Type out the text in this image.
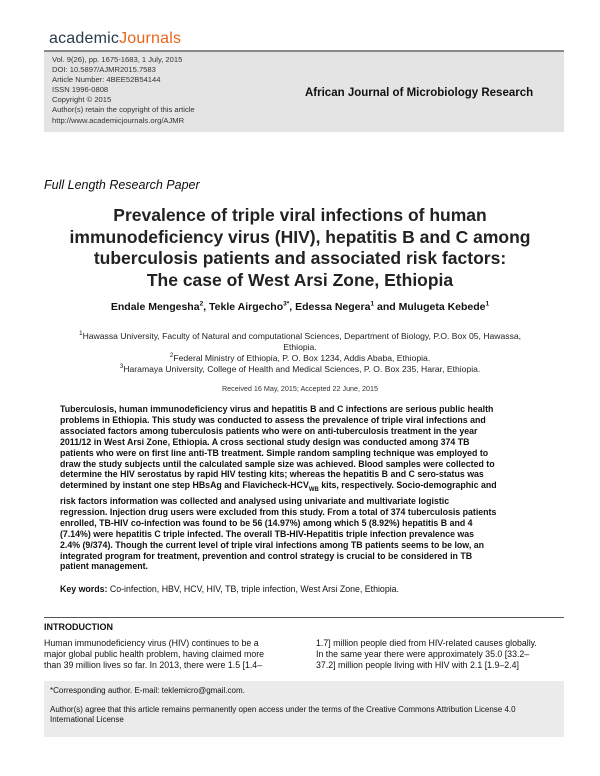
academicJournals
Vol. 9(26), pp. 1675-1683, 1 July, 2015
DOI: 10.5897/AJMR2015.7583
Article Number: 4BEE52B54144
ISSN 1996-0808
Copyright © 2015
Author(s) retain the copyright of this article
http://www.academicjournals.org/AJMR
African Journal of Microbiology Research
Full Length Research Paper
Prevalence of triple viral infections of human
immunodeficiency virus (HIV), hepatitis B and C among
tuberculosis patients and associated risk factors:
The case of West Arsi Zone, Ethiopia
Endale Mengesha$^2$, Tekle Airgecho$^{3*}$, Edessa Negera$^1$ and Mulugeta Kebede$^1$
$^1$Hawassa University, Faculty of Natural and computational Sciences, Department of Biology, P.O. Box 05, Hawassa,
Ethiopia.
$^2$Federal Ministry of Ethiopia, P. O. Box 1234, Addis Ababa, Ethiopia.
$^3$Haramaya University, College of Health and Medical Sciences, P. O. Box 235, Harar, Ethiopia.
Received 16 May, 2015; Accepted 22 June, 2015
Tuberculosis, human immunodeficiency virus and hepatitis B and C infections are serious public health
problems in Ethiopia. This study was conducted to assess the prevalence of triple viral infections and
associated factors among tuberculosis patients who were on anti-tuberculosis treatment in the year
2011/12 in West Arsi Zone, Ethiopia. A cross sectional study design was conducted among 374 TB
patients who were on first line anti-TB treatment. Simple random sampling technique was employed to
draw the study subjects until the calculated sample size was achieved. Blood samples were collected to
determine the HIV serostatus by rapid HIV testing kits; whereas the hepatitis B and C sero-status was
determined by instant one step HBsAg and Flavicheck-$HCV_{WB}$ kits, respectively. Socio-demographic and
risk factors information was collected and analysed using univariate and multivariate logistic
regression. Injection drug users were excluded from this study. From a total of 374 tuberculosis patients
enrolled, TB-HIV co-infection was found to be 56 (14.97%) among which 5 (8.92%) hepatitis B and 4
(7.14%) were hepatitis C triple infected. The overall TB-HIV-Hepatitis triple infection prevalence was
2.4% (9/374). Though the current level of triple viral infections among TB patients seems to be low, an
integrated program for treatment, prevention and control strategy is crucial to be considered in TB
patient management.
Key words: Co-infection, HBV, HCV, HIV, TB, triple infection, West Arsi Zone, Ethiopia.
INTRODUCTION
Human immunodeficiency virus (HIV) continues to be a
major global public health problem, having claimed more
than 39 million lives so far. In 2013, there were 1.5 [1.4–
1.7] million people died from HIV-related causes globally.
In the same year there were approximately 35.0 [33.2–
37.2] million people living with HIV with 2.1 [1.9–2.4]
*Corresponding author. E-mail: teklemicro@gmail.com.
Author(s) agree that this article remains permanently open access under the terms of the Creative Commons Attribution License 4.0 International License
